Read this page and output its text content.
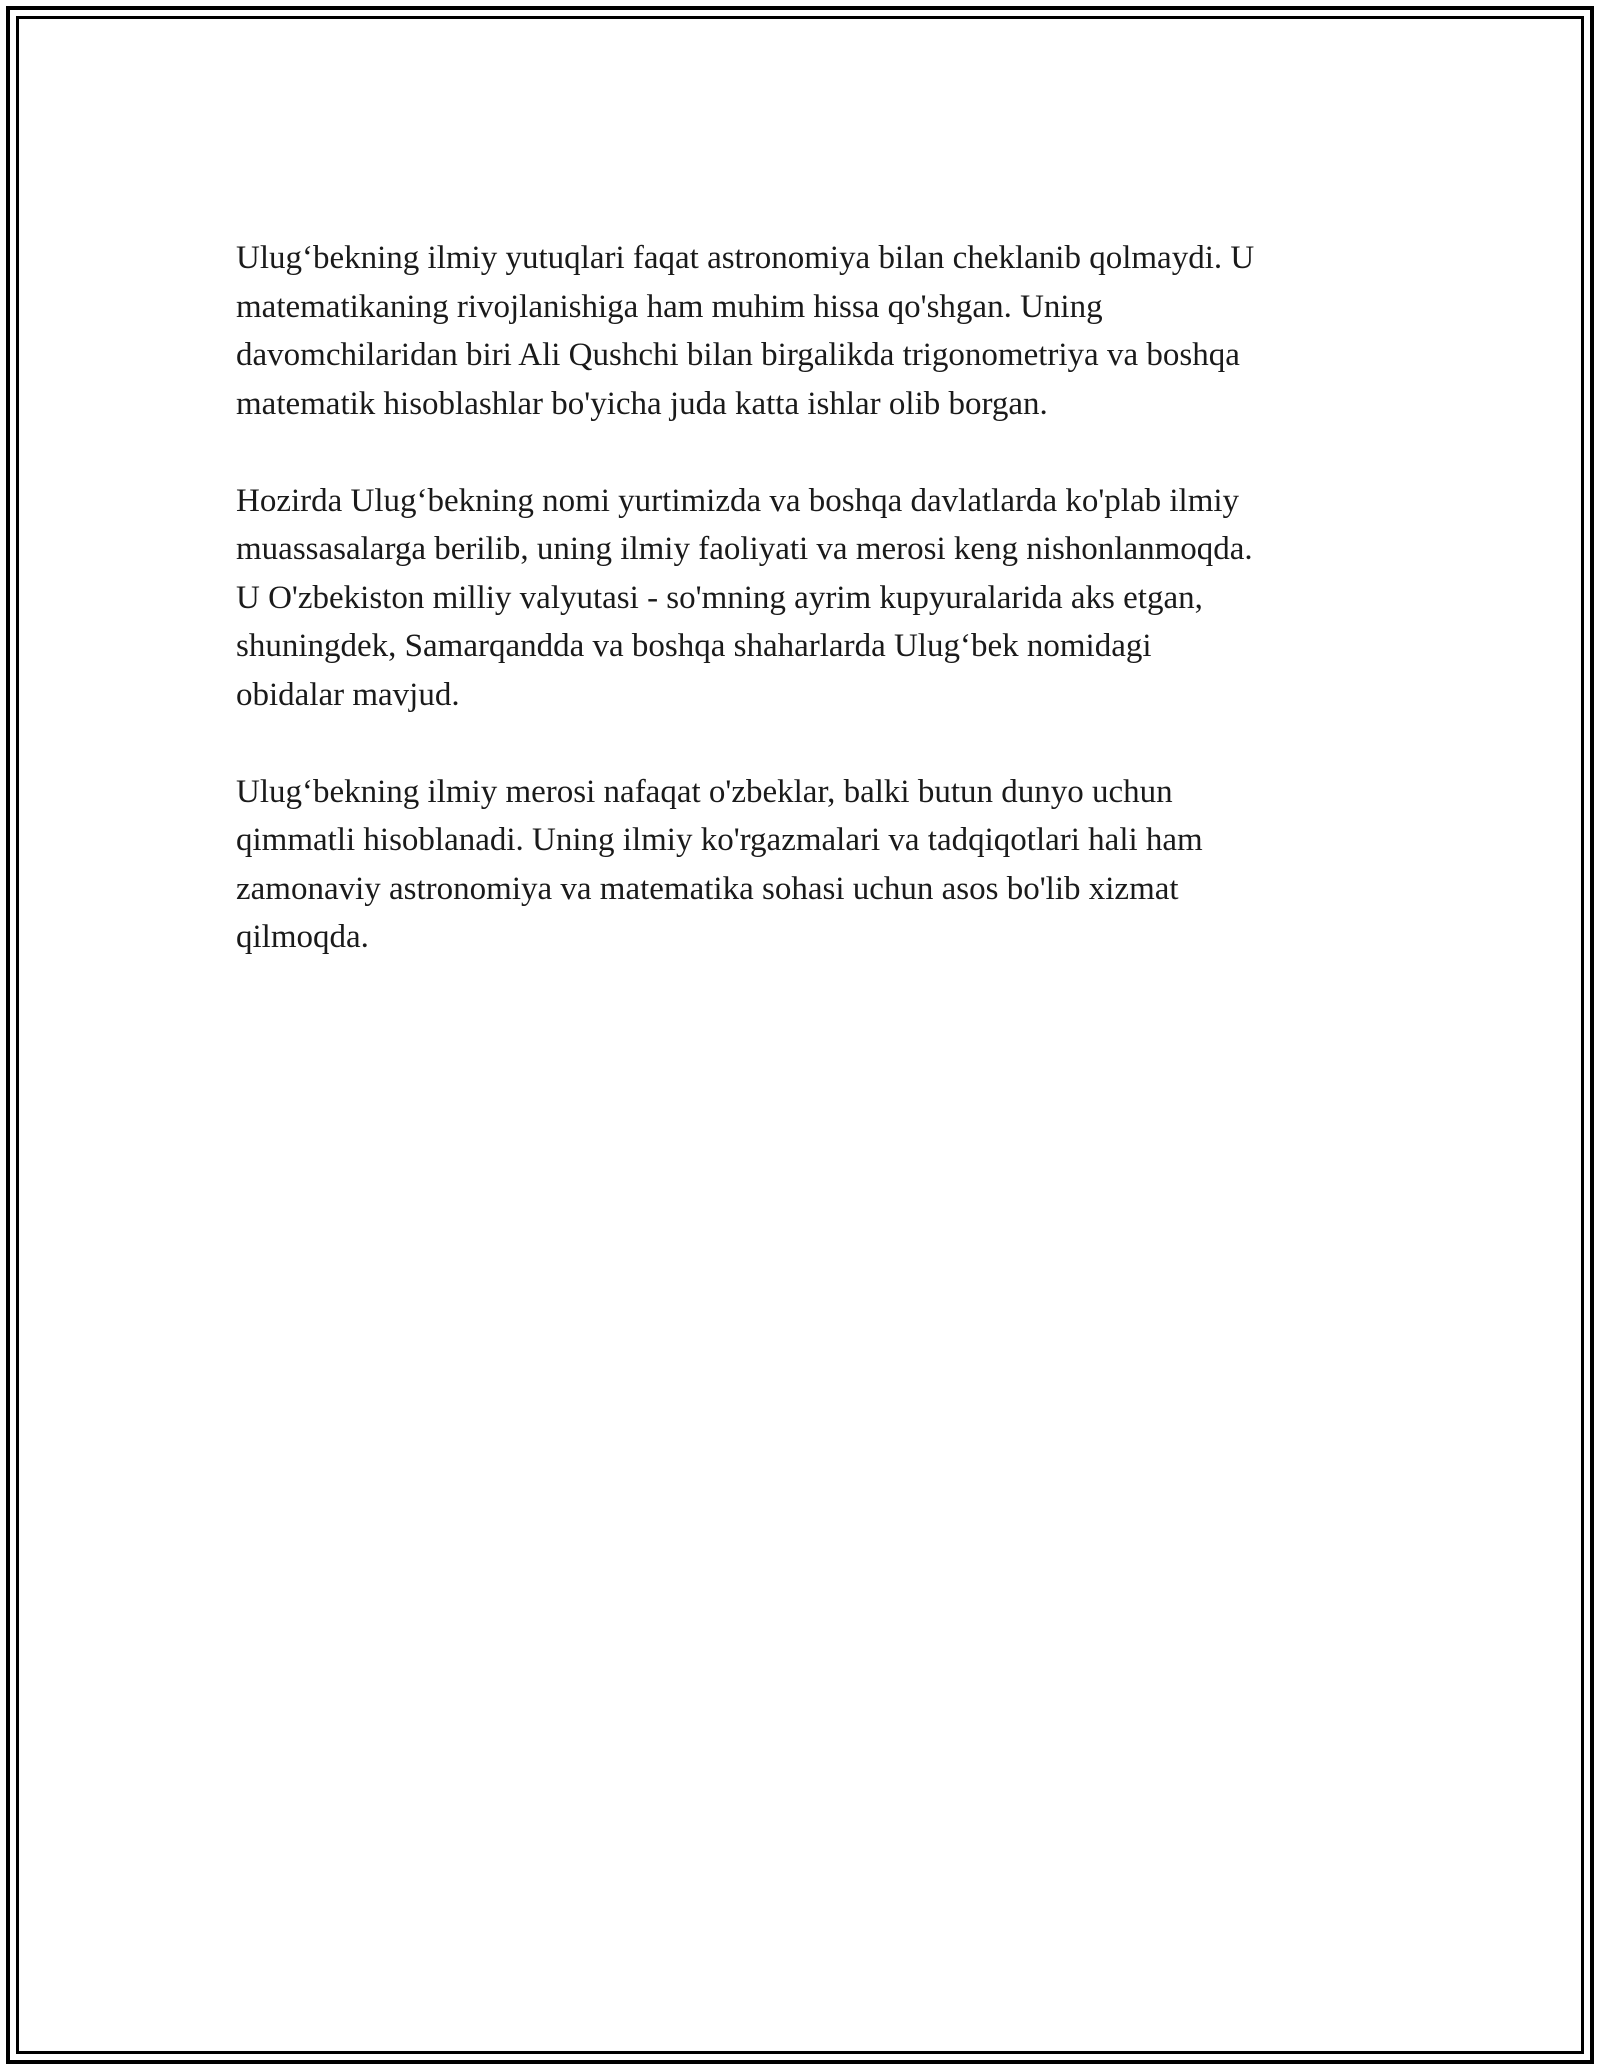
Ulug‘bekning ilmiy yutuqlari faqat astronomiya bilan cheklanib qolmaydi. U
matematikaning rivojlanishiga ham muhim hissa qo'shgan. Uning
davomchilaridan biri Ali Qushchi bilan birgalikda trigonometriya va boshqa
matematik hisoblashlar bo'yicha juda katta ishlar olib borgan.

Hozirda Ulug‘bekning nomi yurtimizda va boshqa davlatlarda ko'plab ilmiy
muassasalarga berilib, uning ilmiy faoliyati va merosi keng nishonlanmoqda.
U O'zbekiston milliy valyutasi - so'mning ayrim kupyuralarida aks etgan,
shuningdek, Samarqandda va boshqa shaharlarda Ulug‘bek nomidagi
obidalar mavjud.

Ulug‘bekning ilmiy merosi nafaqat o'zbeklar, balki butun dunyo uchun
qimmatli hisoblanadi. Uning ilmiy ko'rgazmalari va tadqiqotlari hali ham
zamonaviy astronomiya va matematika sohasi uchun asos bo'lib xizmat
qilmoqda.
